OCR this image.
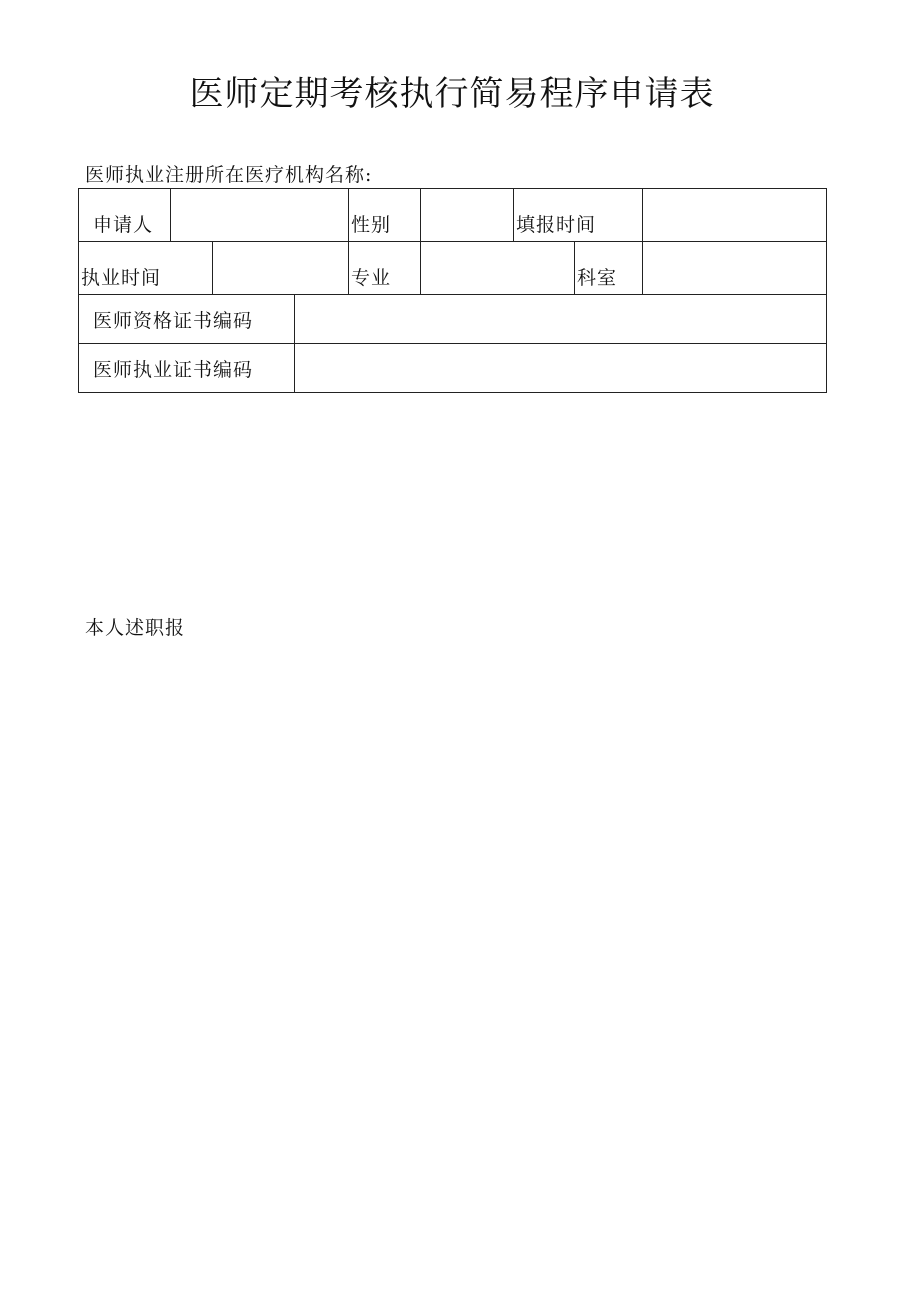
医师定期考核执行简易程序申请表
医师执业注册所在医疗机构名称:
申请人				性别		填报时间		
执业时间				专业			科室	
医师资格证书编码								
医师执业证书编码								
本人述职报
